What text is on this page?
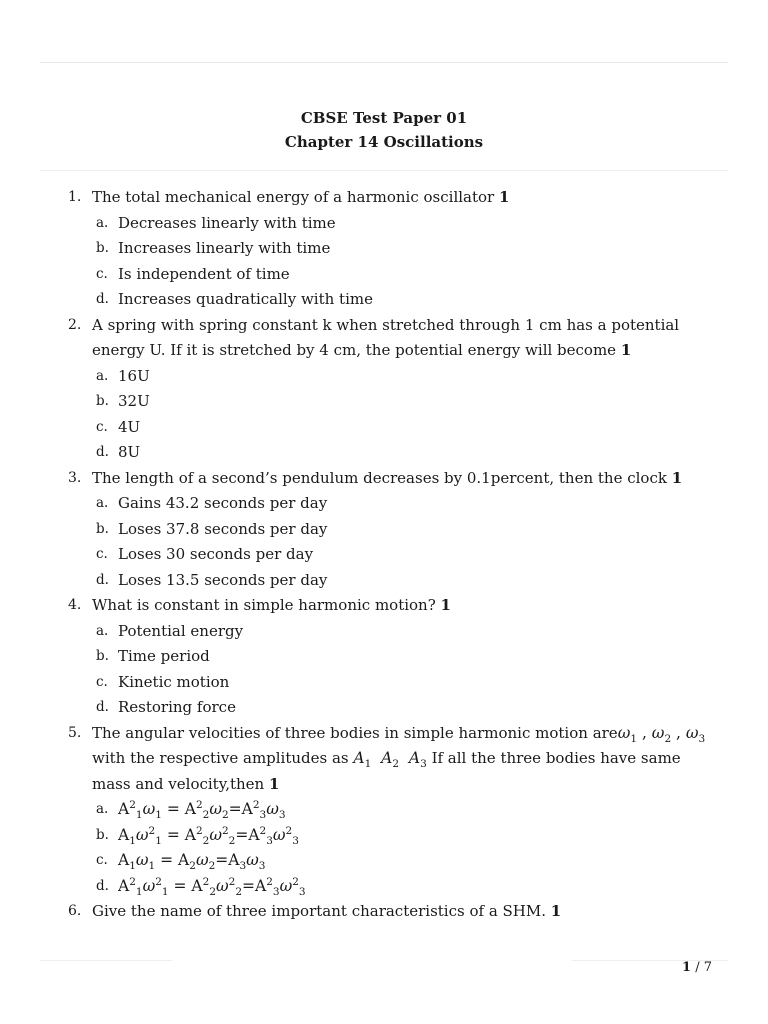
CBSE Test Paper 01
Chapter 14 Oscillations
1. The total mechanical energy of a harmonic oscillator 1
a. Decreases linearly with time
b. Increases linearly with time
c. Is independent of time
d. Increases quadratically with time
2. A spring with spring constant k when stretched through 1 cm has a potential energy U. If it is stretched by 4 cm, the potential energy will become 1
a. 16U
b. 32U
c. 4U
d. 8U
3. The length of a second’s pendulum decreases by 0.1percent, then the clock 1
a. Gains 43.2 seconds per day
b. Loses 37.8 seconds per day
c. Loses 30 seconds per day
d. Loses 13.5 seconds per day
4. What is constant in simple harmonic motion? 1
a. Potential energy
b. Time period
c. Kinetic motion
d. Restoring force
5. The angular velocities of three bodies in simple harmonic motion areω$_1$ , $\omega_2$ , $\omega_3$ with the respective amplitudes as $A_1$ $A_2$ $A_3$ If all the three bodies have same mass and velocity,then 1
a. $A^2_1\omega_1 = A^2_2\omega_2=A^2_3\omega_3$
b. $A_1\omega^2_1 = A^2_2\omega^2_2=A^2_3\omega^2_3$
c. $A_1\omega_1 = A_2\omega_2=A_3\omega_3$
d. $A^2_1\omega^2_1 = A^2_2\omega^2_2=A^2_3\omega^2_3$
6. Give the name of three important characteristics of a SHM. 1
1 / 7
